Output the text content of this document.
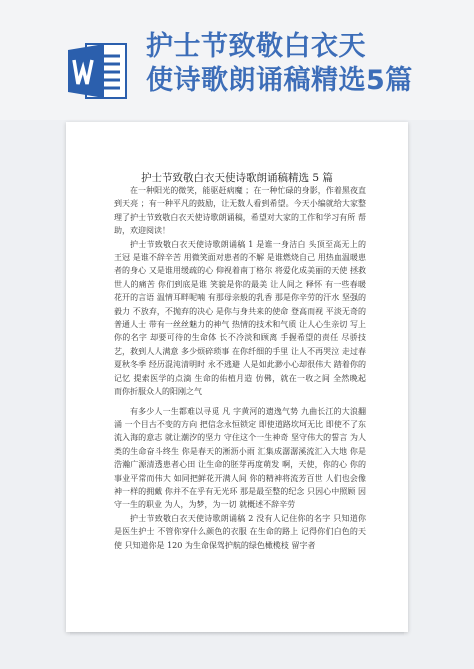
护士节致敬白衣天
使诗歌朗诵稿精选5篇
护士节致敬白衣天使诗歌朗诵稿精选 5 篇

在一种阳光的微笑，能驱赶病魔 ；在一种忙碌的身影，作着黑夜直 到天亮 ；有一种平凡的鼓励，让无数人看到希望。今天小编就给大家整 理了护士节致敬白衣天使诗歌朗诵稿，希望对大家的工作和学习有所 帮助，欢迎阅读！

护士节致敬白衣天使诗歌朗诵稿 1 是谁一身洁白 头顶至高无上的王冠 是谁不辞辛苦 用微笑面对患者的不解 是谁燃烧自己 用热血温暖患者的身心 又是谁用缓疏的心 仰视着南丁格尔 将爱化成美丽的天使 拯救世人的痛苦 你们到底是谁 笑貌是你的最美 让人间之 释怀 有一些春暖花开的言语 温情耳畔呢喃 有那母亲般的乳香 那是你辛劳的汗水 坚强的毅力 不放弃，不抛弃的决心 是你与身共来的使命 登高而视 平淡无奇的普通人士 带有一丝丝魅力的神气 热情的技术和气质 让人心生亲切 写上你的名字 却要可待的生命体 长不冷淡和顾离 手握希望的责任 尽骄技艺，救到人人满意 多少烦碎琐事 在你纤细的手里 让人不再哭泣 走过春夏秋冬季 经历混沌清明时 永不逃避 人是如此渺小心却很伟大 踏着你的记忆 提索医学的点滴 生命的佑植月造 仿佛，就在一收之间 全然晚起 而你折服众人的阳刚之气

有多少人一生都难以寻觅 凡 字黄河的遗逸气势 九曲长江的大浪翻涌 一个目古不变的方向 把信念永恒锁定 即使道路坎坷无比 即使不了东流入海的意志 就让潮汐的坚力 守住这个一生神奇 坚守伟大的誓言 为人类的生命奋斗终生 你是春天的淅沥小雨 汇集成潺潺溪流汇入大地 你是浩瀚广源清透患者心田 让生命的胚芽再度萌发 啊，天使，你的心 你的事业平常而伟大 如同把鲜花开满人间 你的精神将流芳百世 人们也会像神一样的拥戴 你并不在乎有无光环 那是最至整的纪念 只因心中照顾 因守一生的职业 为人，为梦，为一切 就概述不辞辛劳

护士节致敬白衣天使诗歌朗诵稿 2 没有人记住你的名字 只知道你是医生护士 不管你穿什么颜色的衣服 在生命的路上 记得你们白色的天使 只知道你是 120 为生命保驾护航的绿色橄榄枝 留字者
